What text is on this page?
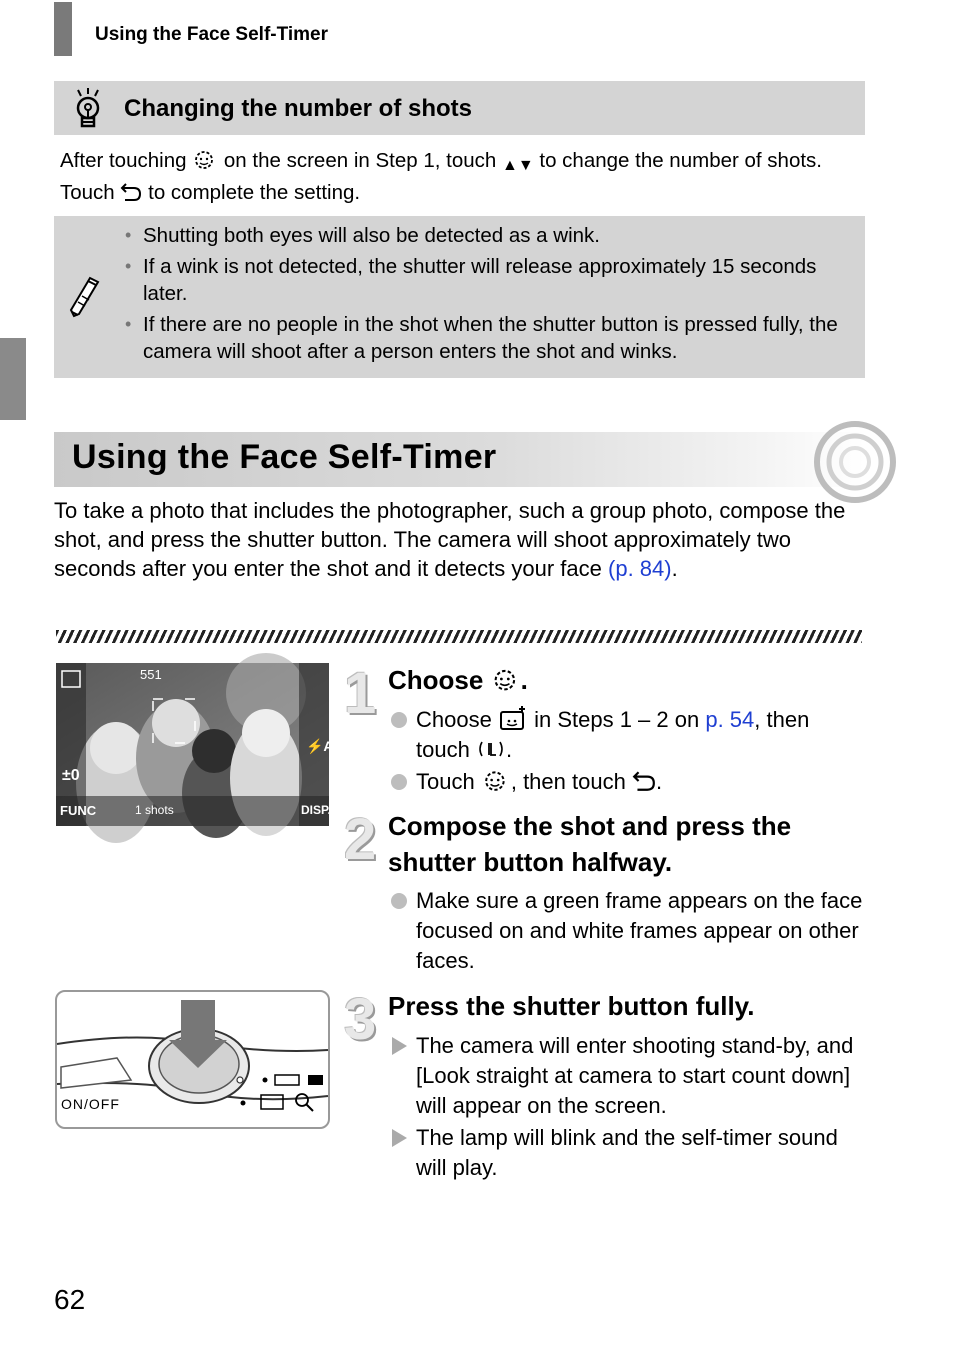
Using the Face Self-Timer
Changing the number of shots
After touching on the screen in Step 1, touch ▲▼ to change the number of shots. Touch to complete the setting.
• Shutting both eyes will also be detected as a wink.
• If a wink is not detected, the shutter will release approximately 15 seconds later.
• If there are no people in the shot when the shutter button is pressed fully, the camera will shoot after a person enters the shot and winks.
Using the Face Self-Timer
To take a photo that includes the photographer, such a group photo, compose the shot, and press the shutter button. The camera will shoot approximately two seconds after you enter the shot and it detects your face (p. 84).
⚡A
551
±0
FUNC	1 shots	DISP.
ON/OFF
1 Choose .
Choose in Steps 1 – 2 on p. 54, then touch .
Touch , then touch .
2 Compose the shot and press the shutter button halfway.
Make sure a green frame appears on the face focused on and white frames appear on other faces.
3 Press the shutter button fully.
The camera will enter shooting stand-by, and [Look straight at camera to start count down] will appear on the screen.
The lamp will blink and the self-timer sound will play.
62
